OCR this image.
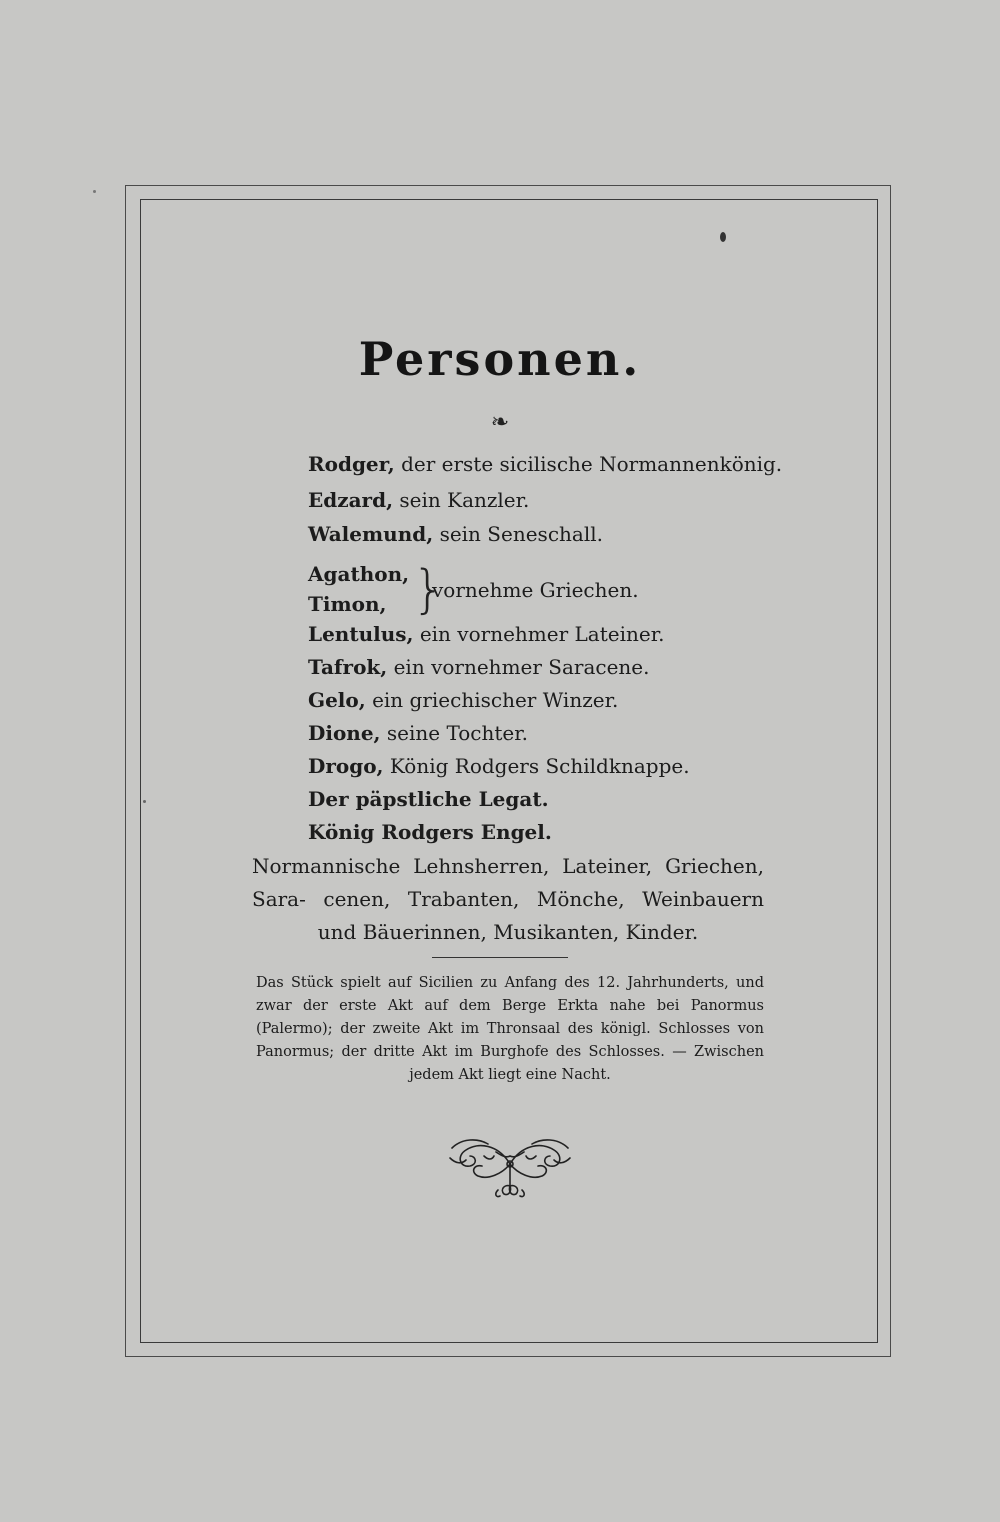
Personen.
❧
Rodger, der erste sicilische Normannenkönig.
Edzard, sein Kanzler.
Walemund, sein Seneschall.
Agathon,
Timon, }
vornehme Griechen.
Lentulus, ein vornehmer Lateiner.
Tafrok, ein vornehmer Saracene.
Gelo, ein griechischer Winzer.
Dione, seine Tochter.
Drogo, König Rodgers Schildknappe.
Der päpstliche Legat.
König Rodgers Engel.
Normannische Lehnsherren, Lateiner, Griechen, Sara- cenen, Trabanten, Mönche, Weinbauern und Bäuerinnen, Musikanten, Kinder.
Das Stück spielt auf Sicilien zu Anfang des 12. Jahrhunderts, und zwar der erste Akt auf dem Berge Erkta nahe bei Panormus (Palermo); der zweite Akt im Thronsaal des königl. Schlosses von Panormus; der dritte Akt im Burghofe des Schlosses. — Zwischen jedem Akt liegt eine Nacht.
